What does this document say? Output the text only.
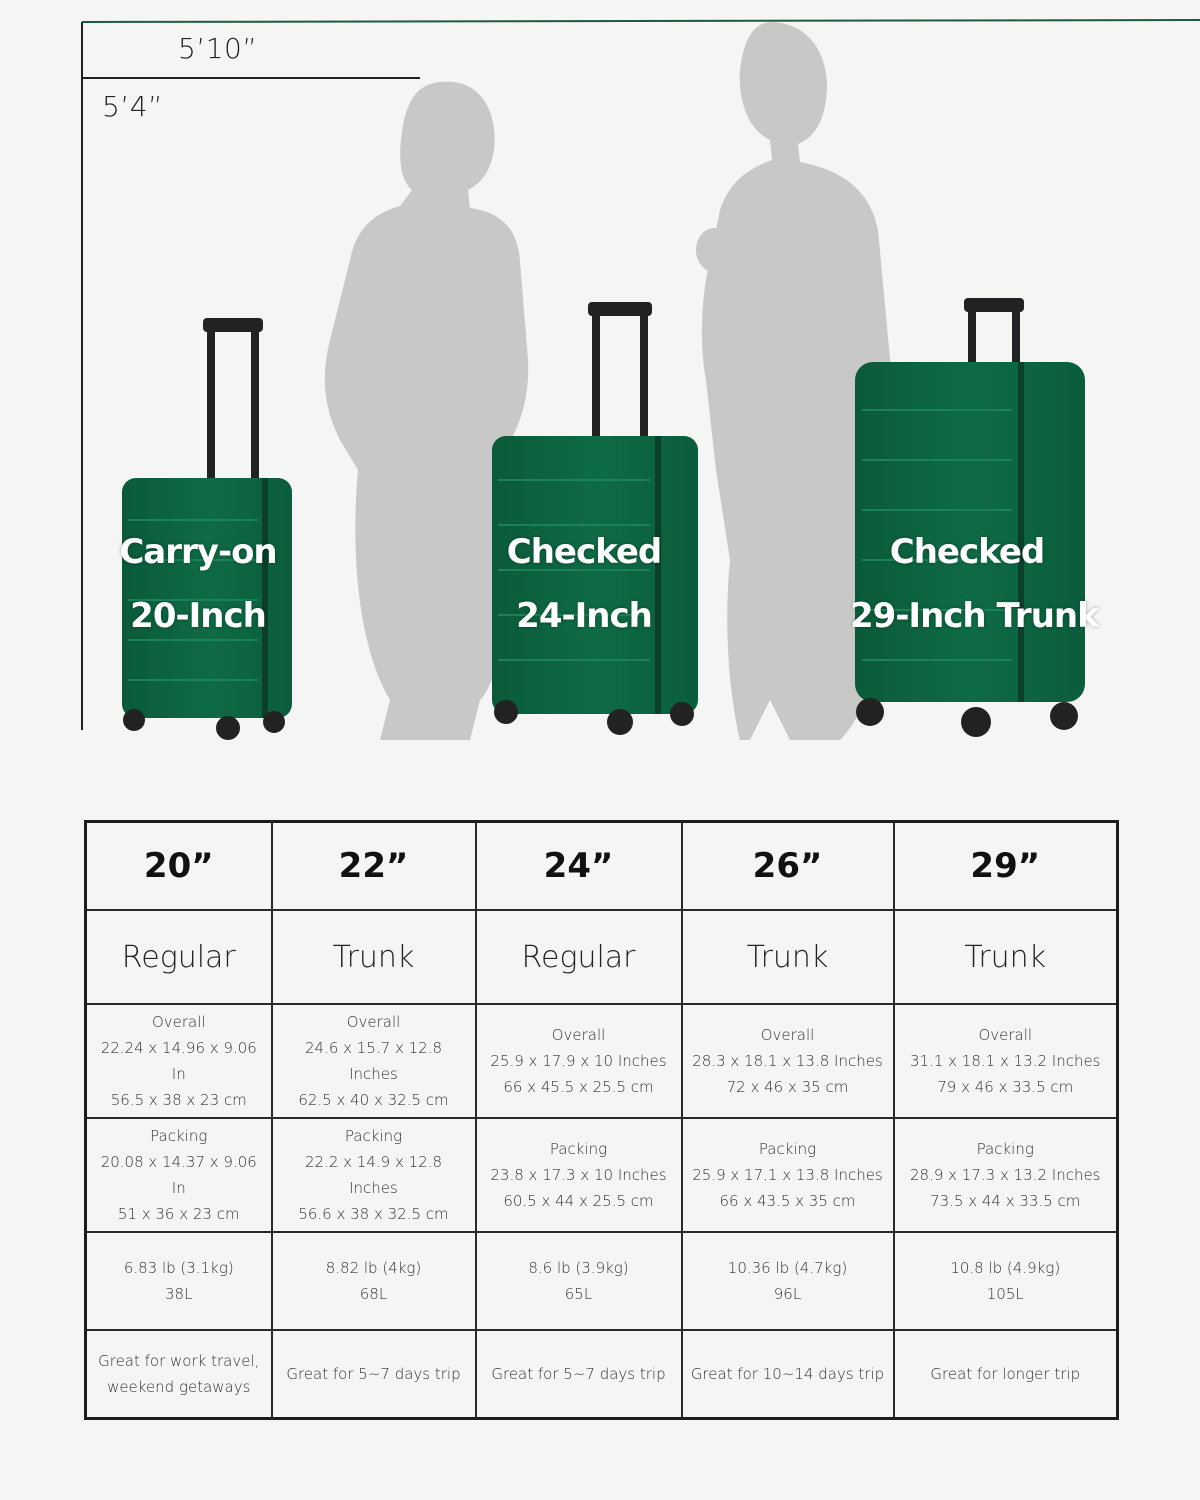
5’10”
5’4”
Carry-on
20-Inch
Checked
24-Inch
Checked
29-Inch Trunk
20”	22”	24”	26”	29”
Regular	Trunk	Regular	Trunk	Trunk

Overall
22.24 x 14.96 x 9.06 In
56.5 x 38 x 23 cm	Overall
24.6 x 15.7 x 12.8 Inches
62.5 x 40 x 32.5 cm	Overall
25.9 x 17.9 x 10 Inches
66 x 45.5 x 25.5 cm	Overall
28.3 x 18.1 x 13.8 Inches
72 x 46 x 35 cm	Overall
31.1 x 18.1 x 13.2 Inches
79 x 46 x 33.5 cm

Packing
20.08 x 14.37 x 9.06 In
51 x 36 x 23 cm	Packing
22.2 x 14.9 x 12.8 Inches
56.6 x 38 x 32.5 cm	Packing
23.8 x 17.3 x 10 Inches
60.5 x 44 x 25.5 cm	Packing
25.9 x 17.1 x 13.8 Inches
66 x 43.5 x 35 cm	Packing
28.9 x 17.3 x 13.2 Inches
73.5 x 44 x 33.5 cm

6.83 lb (3.1kg)
38L	8.82 lb (4kg)
68L	8.6 lb (3.9kg)
65L	10.36 lb (4.7kg)
96L	10.8 lb (4.9kg)
105L

Great for work travel,
weekend getaways	Great for 5~7 days trip	Great for 5~7 days trip	Great for 10~14 days trip	Great for longer trip
